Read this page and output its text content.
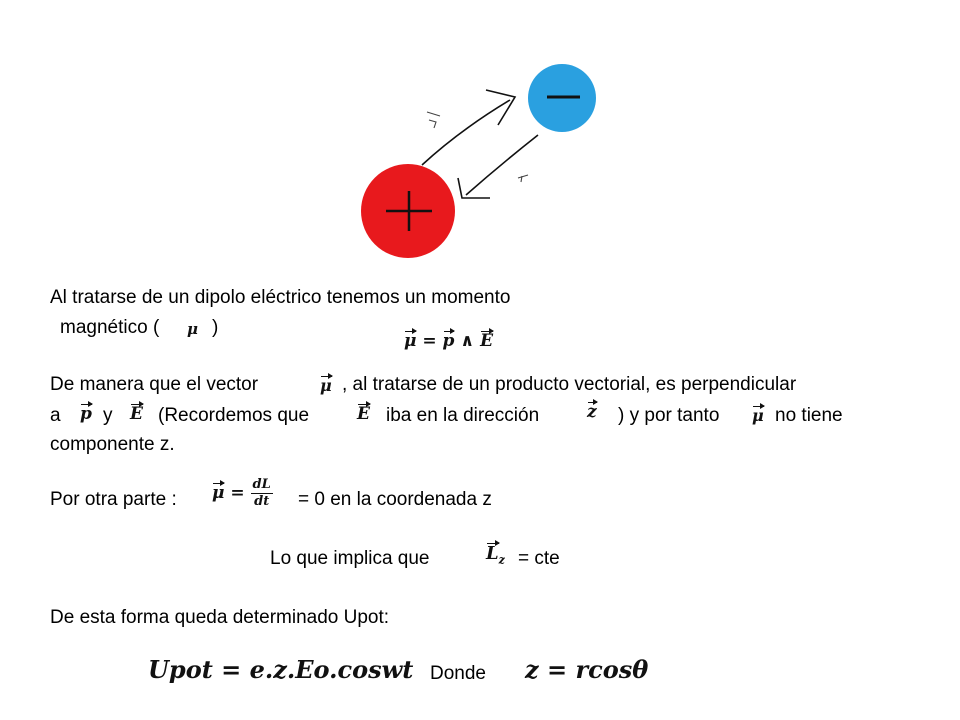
Al tratarse de un dipolo eléctrico tenemos un momento
magnético ( μ )
μ = p ∧ E
De manera que el vector	μ , al tratarse de un producto vectorial, es perpendicular
a p y E (Recordemos que	E iba en la dirección	z ) y por tanto μ no tiene
componente z.
Por otra parte : $\mu = \frac{dL}{dt} = 0$ en la coordenada z
Lo que implica que	$L_z$ = cte
De esta forma queda determinado Upot:
Upot = e.z.Eo.coswt Donde z = rcosθ
